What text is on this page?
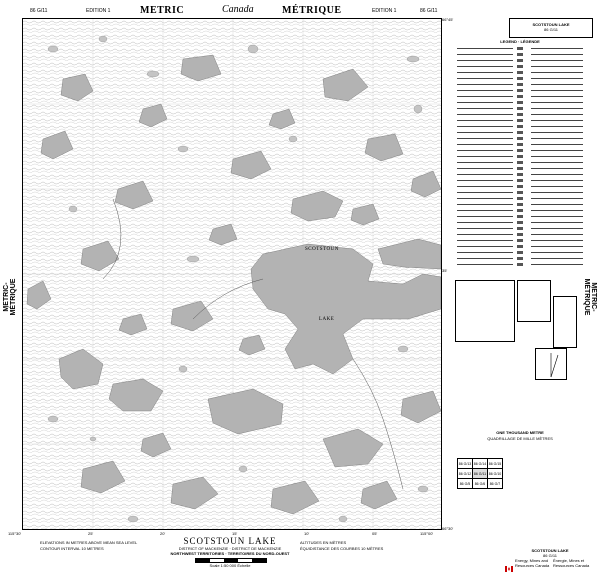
86 G/11	EDITION 1	METRIC	Canada	MÉTRIQUE	EDITION 1	86 G/11
METRIC-MÉTRIQUE	METRIC-MÉTRIQUE
SCOTSTOUN
LAKE
66°45'
35'
66°30'
115°30'	115°00'
25'	20'	15'	10'	05'
ELEVATIONS IN METRES ABOVE MEAN SEA LEVEL
CONTOUR INTERVAL 10 METRES
SCOTSTOUN LAKE
DISTRICT OF MACKENZIE · DISTRICT DE MACKENZIE
NORTHWEST TERRITORIES · TERRITOIRES DU NORD-OUEST
Scale 1:50 000 Échelle
ALTITUDES EN MÈTRES
ÉQUIDISTANCE DES COURBES 10 MÈTRES
SCOTSTOUN LAKE
86 G/11
LEGEND · LÉGENDE
ONE THOUSAND METRE
QUADRILLAGE DE MILLE MÈTRES
86 G/13	86 G/14	86 G/15
86 G/12	86 G/11	86 G/10
86 G/5	86 G/6	86 G/7
SCOTSTOUN LAKE
86 G/11
Energy, Mines and Resources Canada
Énergie, Mines et Ressources Canada
